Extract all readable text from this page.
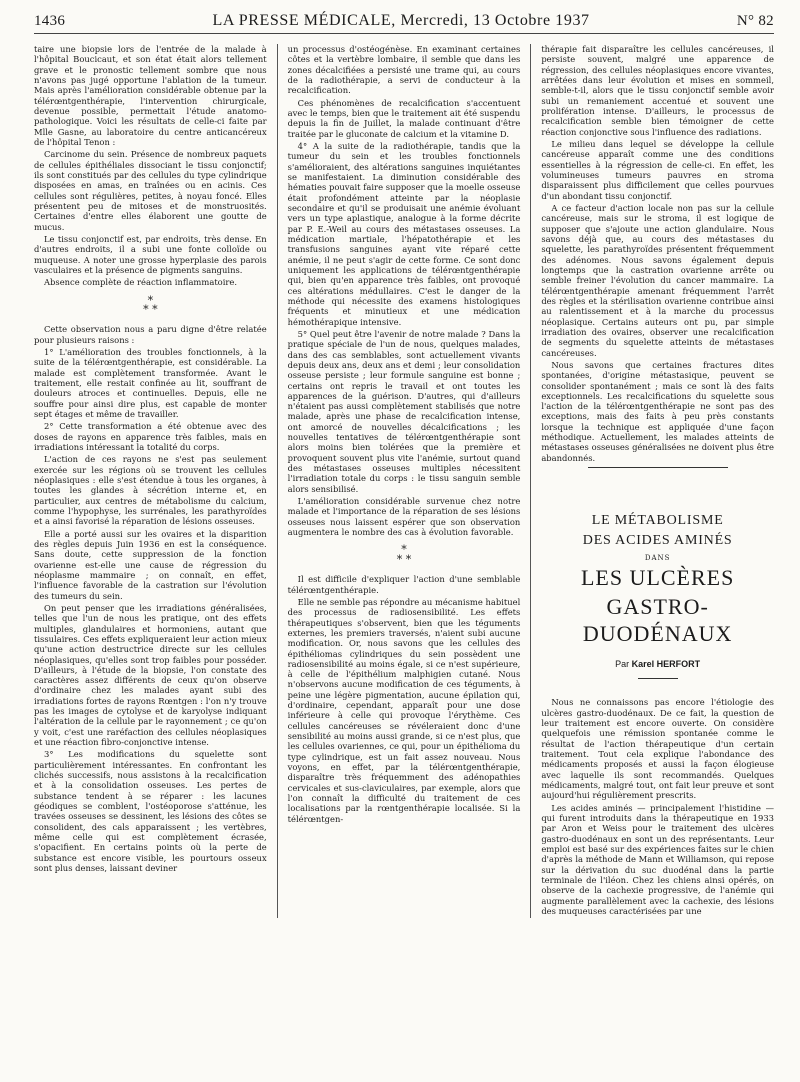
1436	LA PRESSE MÉDICALE, Mercredi, 13 Octobre 1937	N° 82

taire une biopsie lors de l'entrée de la malade à l'hôpital Boucicaut, et son état était alors tellement grave et le pronostic tellement sombre que nous n'avons pas jugé opportune l'ablation de la tumeur. Mais après l'amélioration considérable obtenue par la télérœntgenthérapie, l'intervention chirurgicale, devenue possible, permettait l'étude anatomo-pathologique. Voici les résultats de celle-ci faite par Mlle Gasne, au laboratoire du centre anticancéreux de l'hôpital Tenon :

Carcinome du sein. Présence de nombreux paquets de cellules épithéliales dissociant le tissu conjonctif; ils sont constitués par des cellules du type cylindrique disposées en amas, en traînées ou en acinis. Ces cellules sont régulières, petites, à noyau foncé. Elles présentent peu de mitoses et de monstruosités. Certaines d'entre elles élaborent une goutte de mucus.

Le tissu conjonctif est, par endroits, très dense. En d'autres endroits, il a subi une fonte colloïde ou muqueuse. A noter une grosse hyperplasie des parois vasculaires et la présence de pigments sanguins.

Absence complète de réaction inflammatoire.

*
* *

Cette observation nous a paru digne d'être relatée pour plusieurs raisons :

1° L'amélioration des troubles fonctionnels, à la suite de la télérœntgenthérapie, est considérable. La malade est complètement transformée. Avant le traitement, elle restait confinée au lit, souffrant de douleurs atroces et continuelles. Depuis, elle ne souffre pour ainsi dire plus, est capable de monter sept étages et même de travailler.

2° Cette transformation a été obtenue avec des doses de rayons en apparence très faibles, mais en irradiations intéressant la totalité du corps.

L'action de ces rayons ne s'est pas seulement exercée sur les régions où se trouvent les cellules néoplasiques : elle s'est étendue à tous les organes, à toutes les glandes à sécrétion interne et, en particulier, aux centres de métabolisme du calcium, comme l'hypophyse, les surrénales, les parathyroïdes et a ainsi favorisé la réparation de lésions osseuses.

Elle a porté aussi sur les ovaires et la disparition des règles depuis Juin 1936 en est la conséquence. Sans doute, cette suppression de la fonction ovarienne est-elle une cause de régression du néoplasme mammaire ; on connaît, en effet, l'influence favorable de la castration sur l'évolution des tumeurs du sein.

On peut penser que les irradiations généralisées, telles que l'un de nous les pratique, ont des effets multiples, glandulaires et hormoniens, autant que tissulaires. Ces effets expliqueraient leur action mieux qu'une action destructrice directe sur les cellules néoplasiques, qu'elles sont trop faibles pour posséder. D'ailleurs, à l'étude de la biopsie, l'on constate des caractères assez différents de ceux qu'on observe d'ordinaire chez les malades ayant subi des irradiations fortes de rayons Rœntgen : l'on n'y trouve pas les images de cytolyse et de karyolyse indiquant l'altération de la cellule par le rayonnement ; ce qu'on y voit, c'est une raréfaction des cellules néoplasiques et une réaction fibro-conjonctive intense.

3° Les modifications du squelette sont particulièrement intéressantes. En confrontant les clichés successifs, nous assistons à la recalcification et à la consolidation osseuses. Les pertes de substance tendent à se réparer : les lacunes géodiques se comblent, l'ostéoporose s'atténue, les travées osseuses se dessinent, les lésions des côtes se consolident, des cals apparaissent ; les vertèbres, même celle qui est complètement écrasée, s'opacifient. En certains points où la perte de substance est encore visible, les pourtours osseux sont plus denses, laissant deviner

un processus d'ostéogénèse. En examinant certaines côtes et la vertèbre lombaire, il semble que dans les zones décalcifiées a persisté une trame qui, au cours de la radiothérapie, a servi de conducteur à la recalcification.

Ces phénomènes de recalcification s'accentuent avec le temps, bien que le traitement ait été suspendu depuis la fin de Juillet, la malade continuant d'être traitée par le gluconate de calcium et la vitamine D.

4° A la suite de la radiothérapie, tandis que la tumeur du sein et les troubles fonctionnels s'amélioraient, des altérations sanguines inquiétantes se manifestaient. La diminution considérable des hématies pouvait faire supposer que la moelle osseuse était profondément atteinte par la néoplasie secondaire et qu'il se produisait une anémie évoluant vers un type aplastique, analogue à la forme décrite par P. E.-Weil au cours des métastases osseuses. La médication martiale, l'hépatothérapie et les transfusions sanguines ayant vite réparé cette anémie, il ne peut s'agir de cette forme. Ce sont donc uniquement les applications de télérœntgenthérapie qui, bien qu'en apparence très faibles, ont provoqué ces altérations médullaires. C'est le danger de la méthode qui nécessite des examens histologiques fréquents et minutieux et une médication hémothérapique intensive.

5° Quel peut être l'avenir de notre malade ? Dans la pratique spéciale de l'un de nous, quelques malades, dans des cas semblables, sont actuellement vivants depuis deux ans, deux ans et demi ; leur consolidation osseuse persiste ; leur formule sanguine est bonne ; certains ont repris le travail et ont toutes les apparences de la guérison. D'autres, qui d'ailleurs n'étaient pas aussi complètement stabilisés que notre malade, après une phase de recalcification intense, ont amorcé de nouvelles décalcifications ; les nouvelles tentatives de télérœntgenthérapie sont alors moins bien tolérées que la première et provoquent souvent plus vite l'anémie, surtout quand des métastases osseuses multiples nécessitent l'irradiation totale du corps : le tissu sanguin semble alors sensibilisé.

L'amélioration considérable survenue chez notre malade et l'importance de la réparation de ses lésions osseuses nous laissent espérer que son observation augmentera le nombre des cas à évolution favorable.

*
* *

Il est difficile d'expliquer l'action d'une semblable télérœntgenthérapie.

Elle ne semble pas répondre au mécanisme habituel des processus de radiosensibilité. Les effets thérapeutiques s'observent, bien que les téguments externes, les premiers traversés, n'aient subi aucune modification. Or, nous savons que les cellules des épithéliomas cylindriques du sein possèdent une radiosensibilité au moins égale, si ce n'est supérieure, à celle de l'épithélium malphigien cutané. Nous n'observons aucune modification de ces téguments, à peine une légère pigmentation, aucune épilation qui, d'ordinaire, cependant, apparaît pour une dose inférieure à celle qui provoque l'érythème. Ces cellules cancéreuses se révéleraient donc d'une sensibilité au moins aussi grande, si ce n'est plus, que les cellules ovariennes, ce qui, pour un épithélioma du type cylindrique, est un fait assez nouveau. Nous voyons, en effet, par la télérœntgenthérapie, disparaître très fréquemment des adénopathies cervicales et sus-claviculaires, par exemple, alors que l'on connaît la difficulté du traitement de ces localisations par la rœntgenthérapie localisée. Si la télérœntgen-

thérapie fait disparaître les cellules cancéreuses, il persiste souvent, malgré une apparence de régression, des cellules néoplasiques encore vivantes, arrêtées dans leur évolution et mises en sommeil, semble-t-il, alors que le tissu conjonctif semble avoir subi un remaniement accentué et souvent une prolifération intense. D'ailleurs, le processus de recalcification semble bien témoigner de cette réaction conjonctive sous l'influence des radiations.

Le milieu dans lequel se développe la cellule cancéreuse apparaît comme une des conditions essentielles à la régression de celle-ci. En effet, les volumineuses tumeurs pauvres en stroma disparaissent plus difficilement que celles pourvues d'un abondant tissu conjonctif.

A ce facteur d'action locale non pas sur la cellule cancéreuse, mais sur le stroma, il est logique de supposer que s'ajoute une action glandulaire. Nous savons déjà que, au cours des métastases du squelette, les parathyroïdes présentent fréquemment des adénomes. Nous savons également depuis longtemps que la castration ovarienne arrête ou semble freiner l'évolution du cancer mammaire. La télérœntgenthérapie amenant fréquemment l'arrêt des règles et la stérilisation ovarienne contribue ainsi au ralentissement et à la marche du processus néoplasique. Certains auteurs ont pu, par simple irradiation des ovaires, observer une recalcification de segments du squelette atteints de métastases cancéreuses.

Nous savons que certaines fractures dites spontanées, d'origine métastasique, peuvent se consolider spontanément ; mais ce sont là des faits exceptionnels. Les recalcifications du squelette sous l'action de la télérœntgenthérapie ne sont pas des exceptions, mais des faits à peu près constants lorsque la technique est appliquée d'une façon méthodique. Actuellement, les malades atteints de métastases osseuses généralisées ne doivent plus être abandonnés.

LE MÉTABOLISME
DES ACIDES AMINÉS
DANS
LES ULCÈRES
GASTRO-DUODÉNAUX
Par Karel HERFORT

Nous ne connaissons pas encore l'étiologie des ulcères gastro-duodénaux. De ce fait, la question de leur traitement est encore ouverte. On considère quelquefois une rémission spontanée comme le résultat de l'action thérapeutique d'un certain traitement. Tout cela explique l'abondance des médicaments proposés et aussi la façon élogieuse avec laquelle ils sont recommandés. Quelques médicaments, malgré tout, ont fait leur preuve et sont aujourd'hui régulièrement prescrits.

Les acides aminés — principalement l'histidine — qui furent introduits dans la thérapeutique en 1933 par Aron et Weiss pour le traitement des ulcères gastro-duodénaux en sont un des représentants. Leur emploi est basé sur des expériences faites sur le chien d'après la méthode de Mann et Williamson, qui repose sur la dérivation du suc duodénal dans la partie terminale de l'iléon. Chez les chiens ainsi opérés, on observe de la cachexie progressive, de l'anémie qui augmente parallèlement avec la cachexie, des lésions des muqueuses caractérisées par une
